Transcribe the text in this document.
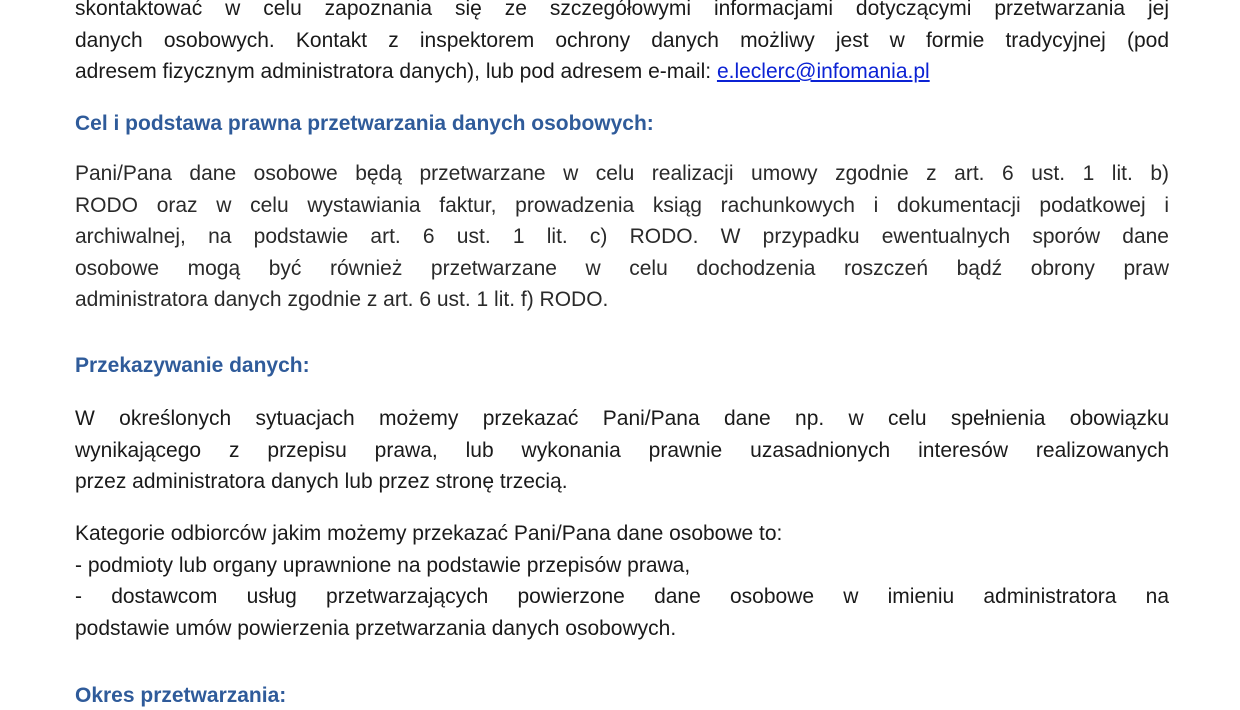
skontaktować w celu zapoznania się ze szczegółowymi informacjami dotyczącymi przetwarzania jej
danych osobowych. Kontakt z inspektorem ochrony danych możliwy jest w formie tradycyjnej (pod
adresem fizycznym administratora danych), lub pod adresem e-mail: e.leclerc@infomania.pl
Cel i podstawa prawna przetwarzania danych osobowych:
Pani/Pana dane osobowe będą przetwarzane w celu realizacji umowy zgodnie z art. 6 ust. 1 lit. b)
RODO oraz w celu wystawiania faktur, prowadzenia ksiąg rachunkowych i dokumentacji podatkowej i
archiwalnej, na podstawie art. 6 ust. 1 lit. c) RODO. W przypadku ewentualnych sporów dane
osobowe mogą być również przetwarzane w celu dochodzenia roszczeń bądź obrony praw
administratora danych zgodnie z art. 6 ust. 1 lit. f) RODO.
Przekazywanie danych:
W określonych sytuacjach możemy przekazać Pani/Pana dane np. w celu spełnienia obowiązku
wynikającego z przepisu prawa, lub wykonania prawnie uzasadnionych interesów realizowanych
przez administratora danych lub przez stronę trzecią.
Kategorie odbiorców jakim możemy przekazać Pani/Pana dane osobowe to:
- podmioty lub organy uprawnione na podstawie przepisów prawa,
- dostawcom usług przetwarzających powierzone dane osobowe w imieniu administratora na
podstawie umów powierzenia przetwarzania danych osobowych.
Okres przetwarzania:
